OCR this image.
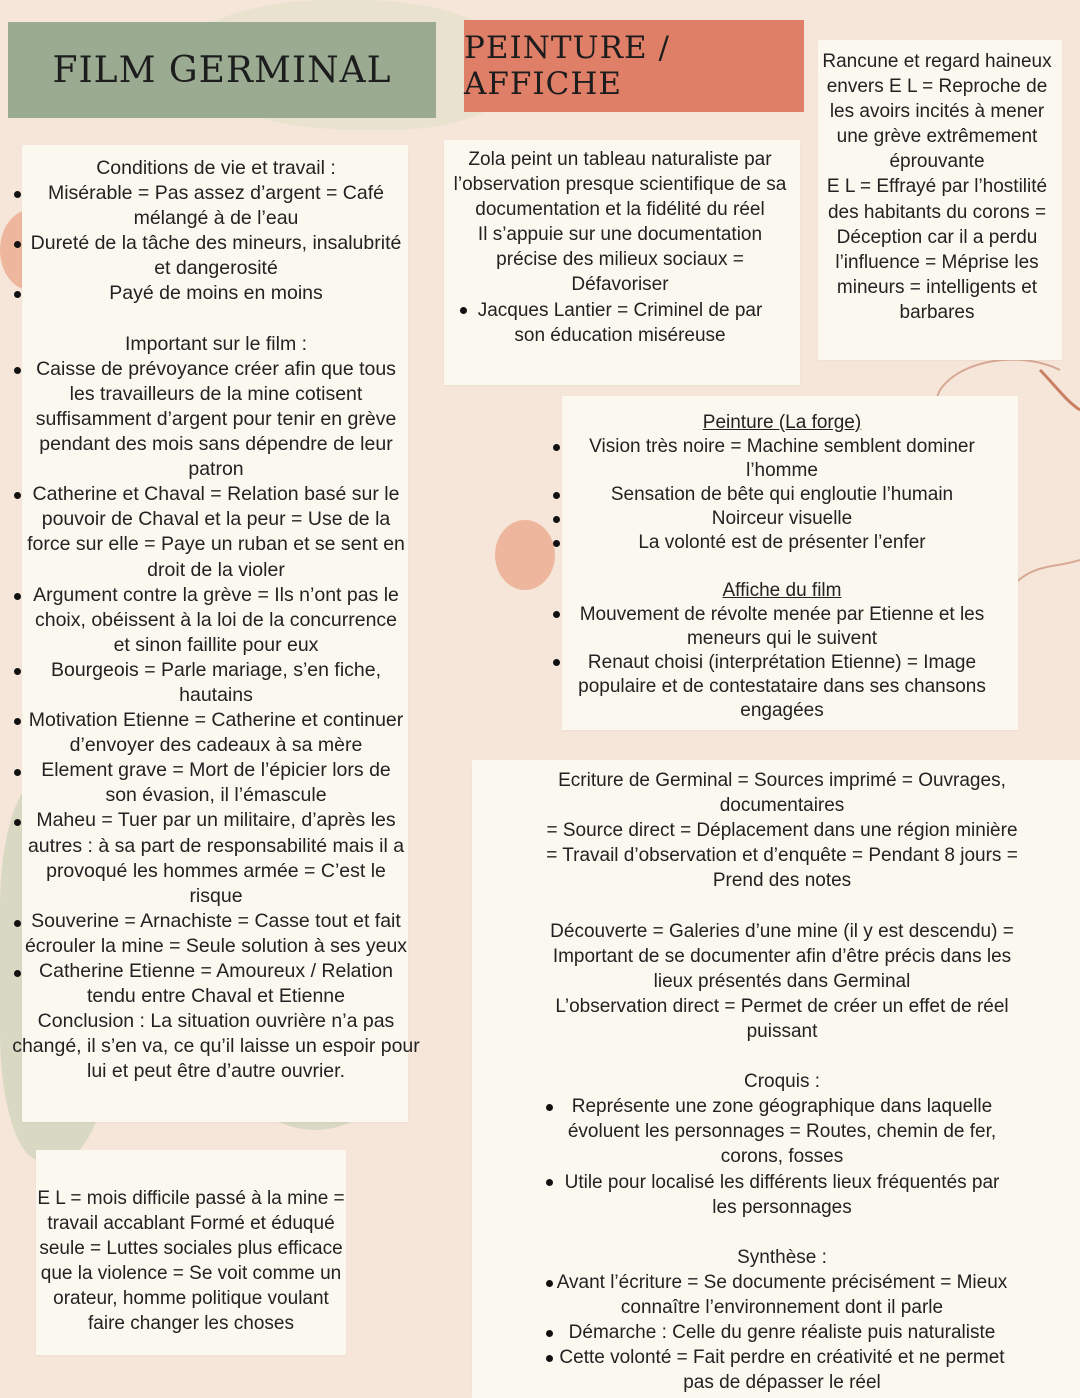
FILM GERMINAL

Conditions de vie et travail :

Misérable = Pas assez d’argent = Café

mélangé à de l’eau

Dureté de la tâche des mineurs, insalubrité

et dangerosité

Payé de moins en moins

Important sur le film :

Caisse de prévoyance créer afin que tous

les travailleurs de la mine cotisent

suffisamment d’argent pour tenir en grève

pendant des mois sans dépendre de leur

patron

Catherine et Chaval = Relation basé sur le

pouvoir de Chaval et la peur = Use de la

force sur elle = Paye un ruban et se sent en

droit de la violer

Argument contre la grève = Ils n’ont pas le

choix, obéissent à la loi de la concurrence

et sinon faillite pour eux

Bourgeois = Parle mariage, s’en fiche,

hautains

Motivation Etienne = Catherine et continuer

d’envoyer des cadeaux à sa mère

Element grave = Mort de l’épicier lors de

son évasion, il l’émascule

Maheu = Tuer par un militaire, d’après les

autres : à sa part de responsabilité mais il a

provoqué les hommes armée = C’est le

risque

Souverine = Arnachiste = Casse tout et fait

écrouler la mine = Seule solution à ses yeux

Catherine Etienne = Amoureux / Relation

tendu entre Chaval et Etienne

Conclusion : La situation ouvrière n’a pas

changé, il s’en va, ce qu’il laisse un espoir pour

lui et peut être d’autre ouvrier.

E L = mois difficile passé à la mine =

travail accablant Formé et éduqué

seule = Luttes sociales plus efficace

que la violence = Se voit comme un

orateur, homme politique voulant

faire changer les choses

PEINTURE / AFFICHE

Zola peint un tableau naturaliste par

l’observation presque scientifique de sa

documentation et la fidélité du réel

Il s’appuie sur une documentation

précise des milieux sociaux =

Défavoriser

Jacques Lantier = Criminel de par

son éducation miséreuse

Rancune et regard haineux

envers E L = Reproche de

les avoirs incités à mener

une grève extrêmement

éprouvante

E L = Effrayé par l’hostilité

des habitants du corons =

Déception car il a perdu

l’influence = Méprise les

mineurs = intelligents et

barbares

Peinture (La forge)

Vision très noire = Machine semblent dominer

l’homme

Sensation de bête qui engloutie l’humain

Noirceur visuelle

La volonté est de présenter l’enfer

Affiche du film

Mouvement de révolte menée par Etienne et les

meneurs qui le suivent

Renaut choisi (interprétation Etienne) = Image

populaire et de contestataire dans ses chansons

engagées

Ecriture de Germinal = Sources imprimé = Ouvrages,

documentaires

= Source direct = Déplacement dans une région minière

= Travail d’observation et d’enquête = Pendant 8 jours =

Prend des notes

Découverte = Galeries d’une mine (il y est descendu) =

Important de se documenter afin d’être précis dans les

lieux présentés dans Germinal

L’observation direct = Permet de créer un effet de réel

puissant

Croquis :

Représente une zone géographique dans laquelle

évoluent les personnages = Routes, chemin de fer,

corons, fosses

Utile pour localisé les différents lieux fréquentés par

les personnages

Synthèse :

Avant l’écriture = Se documente précisément = Mieux

connaître l’environnement dont il parle

Démarche : Celle du genre réaliste puis naturaliste

Cette volonté = Fait perdre en créativité et ne permet

pas de dépasser le réel
